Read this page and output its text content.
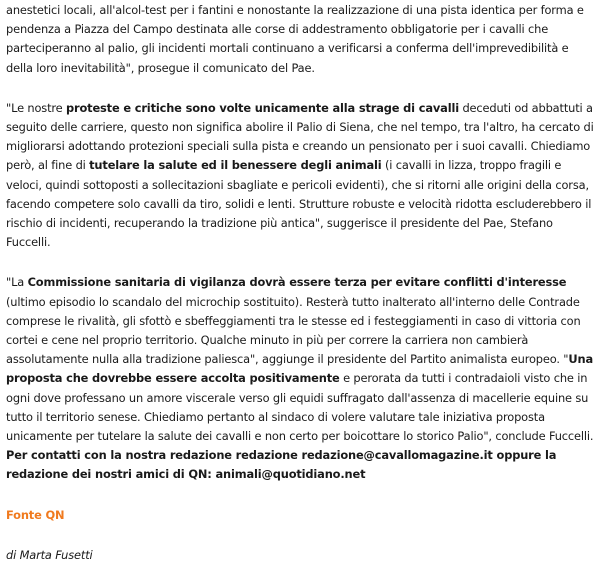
anestetici locali, all'alcol-test per i fantini e nonostante la realizzazione di una pista identica per forma e pendenza a Piazza del Campo destinata alle corse di addestramento obbligatorie per i cavalli che parteciperanno al palio, gli incidenti mortali continuano a verificarsi a conferma dell'imprevedibilità e della loro inevitabilità", prosegue il comunicato del Pae.

"Le nostre proteste e critiche sono volte unicamente alla strage di cavalli deceduti od abbattuti a seguito delle carriere, questo non significa abolire il Palio di Siena, che nel tempo, tra l'altro, ha cercato di migliorarsi adottando protezioni speciali sulla pista e creando un pensionato per i suoi cavalli. Chiediamo però, al fine di tutelare la salute ed il benessere degli animali (i cavalli in lizza, troppo fragili e veloci, quindi sottoposti a sollecitazioni sbagliate e pericoli evidenti), che si ritorni alle origini della corsa, facendo competere solo cavalli da tiro, solidi e lenti. Strutture robuste e velocità ridotta escluderebbero il rischio di incidenti, recuperando la tradizione più antica", suggerisce il presidente del Pae, Stefano Fuccelli.

"La Commissione sanitaria di vigilanza dovrà essere terza per evitare conflitti d'interesse (ultimo episodio lo scandalo del microchip sostituito). Resterà tutto inalterato all'interno delle Contrade comprese le rivalità, gli sfottò e sbeffeggiamenti tra le stesse ed i festeggiamenti in caso di vittoria con cortei e cene nel proprio territorio. Qualche minuto in più per correre la carriera non cambierà assolutamente nulla alla tradizione paliesca", aggiunge il presidente del Partito animalista europeo. "Una proposta che dovrebbe essere accolta positivamente e perorata da tutti i contradaioli visto che in ogni dove professano un amore viscerale verso gli equidi suffragato dall'assenza di macellerie equine su tutto il territorio senese. Chiediamo pertanto al sindaco di volere valutare tale iniziativa proposta unicamente per tutelare la salute dei cavalli e non certo per boicottare lo storico Palio", conclude Fuccelli.
Per contatti con la nostra redazione redazione redazione@cavallomagazine.it oppure la redazione dei nostri amici di QN: animali@quotidiano.net

Fonte QN

di Marta Fusetti
